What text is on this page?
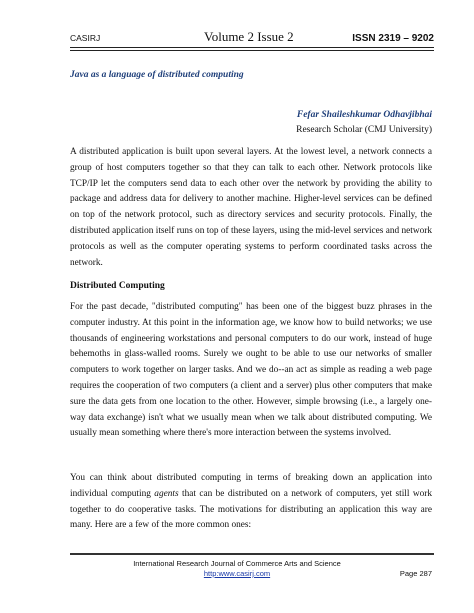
CASIRJ	Volume 2 Issue 2	ISSN 2319 – 9202
Java as a language of distributed computing
Fefar Shaileshkumar Odhavjibhai
Research Scholar (CMJ University)

A distributed application is built upon several layers. At the lowest level, a network connects a group of host computers together so that they can talk to each other. Network protocols like TCP/IP let the computers send data to each other over the network by providing the ability to package and address data for delivery to another machine. Higher-level services can be defined on top of the network protocol, such as directory services and security protocols. Finally, the distributed application itself runs on top of these layers, using the mid-level services and network protocols as well as the computer operating systems to perform coordinated tasks across the network.

Distributed Computing

For the past decade, "distributed computing" has been one of the biggest buzz phrases in the computer industry. At this point in the information age, we know how to build networks; we use thousands of engineering workstations and personal computers to do our work, instead of huge behemoths in glass-walled rooms. Surely we ought to be able to use our networks of smaller computers to work together on larger tasks. And we do--an act as simple as reading a web page requires the cooperation of two computers (a client and a server) plus other computers that make sure the data gets from one location to the other. However, simple browsing (i.e., a largely one-way data exchange) isn't what we usually mean when we talk about distributed computing. We usually mean something where there's more interaction between the systems involved.

You can think about distributed computing in terms of breaking down an application into individual computing agents that can be distributed on a network of computers, yet still work together to do cooperative tasks. The motivations for distributing an application this way are many. Here are a few of the more common ones:

International Research Journal of Commerce Arts and Science
http:www.casirj.com	Page 287
